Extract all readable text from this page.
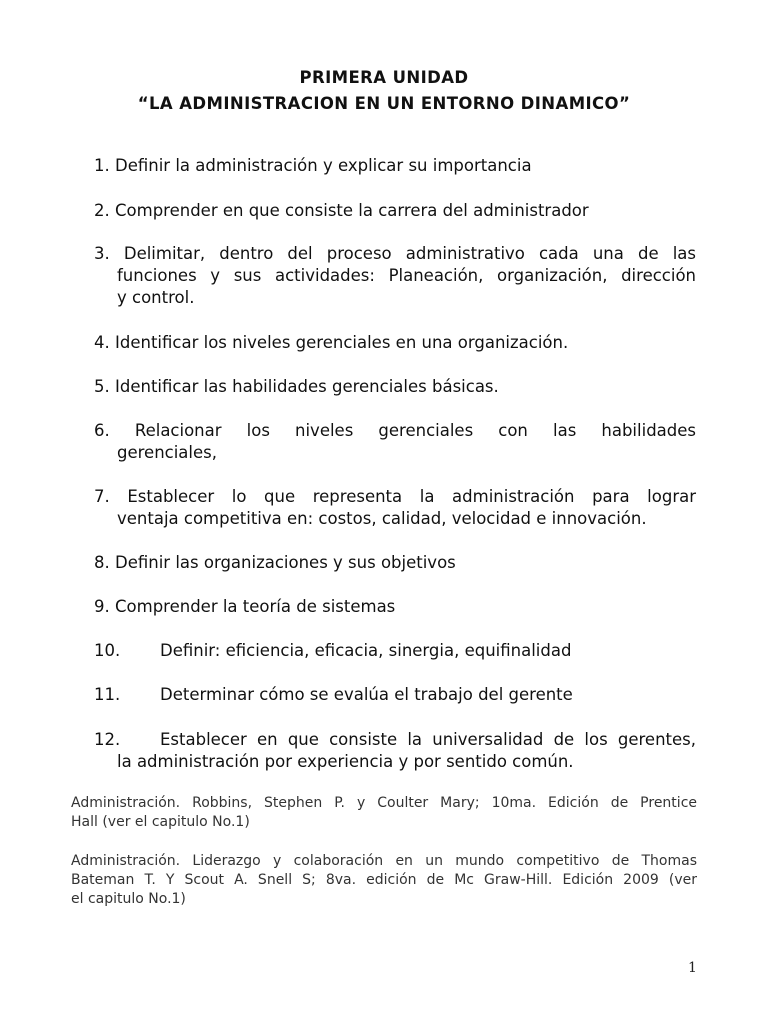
PRIMERA UNIDAD
“LA ADMINISTRACION EN UN ENTORNO DINAMICO”
1. Definir la administración y explicar su importancia
2. Comprender en que consiste la carrera del administrador
3. Delimitar, dentro del proceso administrativo cada una de las
funciones y sus actividades: Planeación, organización, dirección
y control.
4. Identificar los niveles gerenciales en una organización.
5. Identificar las habilidades gerenciales básicas.
6. Relacionar los niveles gerenciales con las habilidades
gerenciales,
7. Establecer lo que representa la administración para lograr
ventaja competitiva en: costos, calidad, velocidad e innovación.
8. Definir las organizaciones y sus objetivos
9. Comprender la teoría de sistemas
10. Definir: eficiencia, eficacia, sinergia, equifinalidad
11. Determinar cómo se evalúa el trabajo del gerente
12. Establecer en que consiste la universalidad de los gerentes,
la administración por experiencia y por sentido común.
Administración. Robbins, Stephen P. y Coulter Mary; 10ma. Edición de Prentice
Hall (ver el capitulo No.1)
Administración. Liderazgo y colaboración en un mundo competitivo de Thomas
Bateman T. Y Scout A. Snell S; 8va. edición de Mc Graw-Hill. Edición 2009 (ver
el capitulo No.1)
1
